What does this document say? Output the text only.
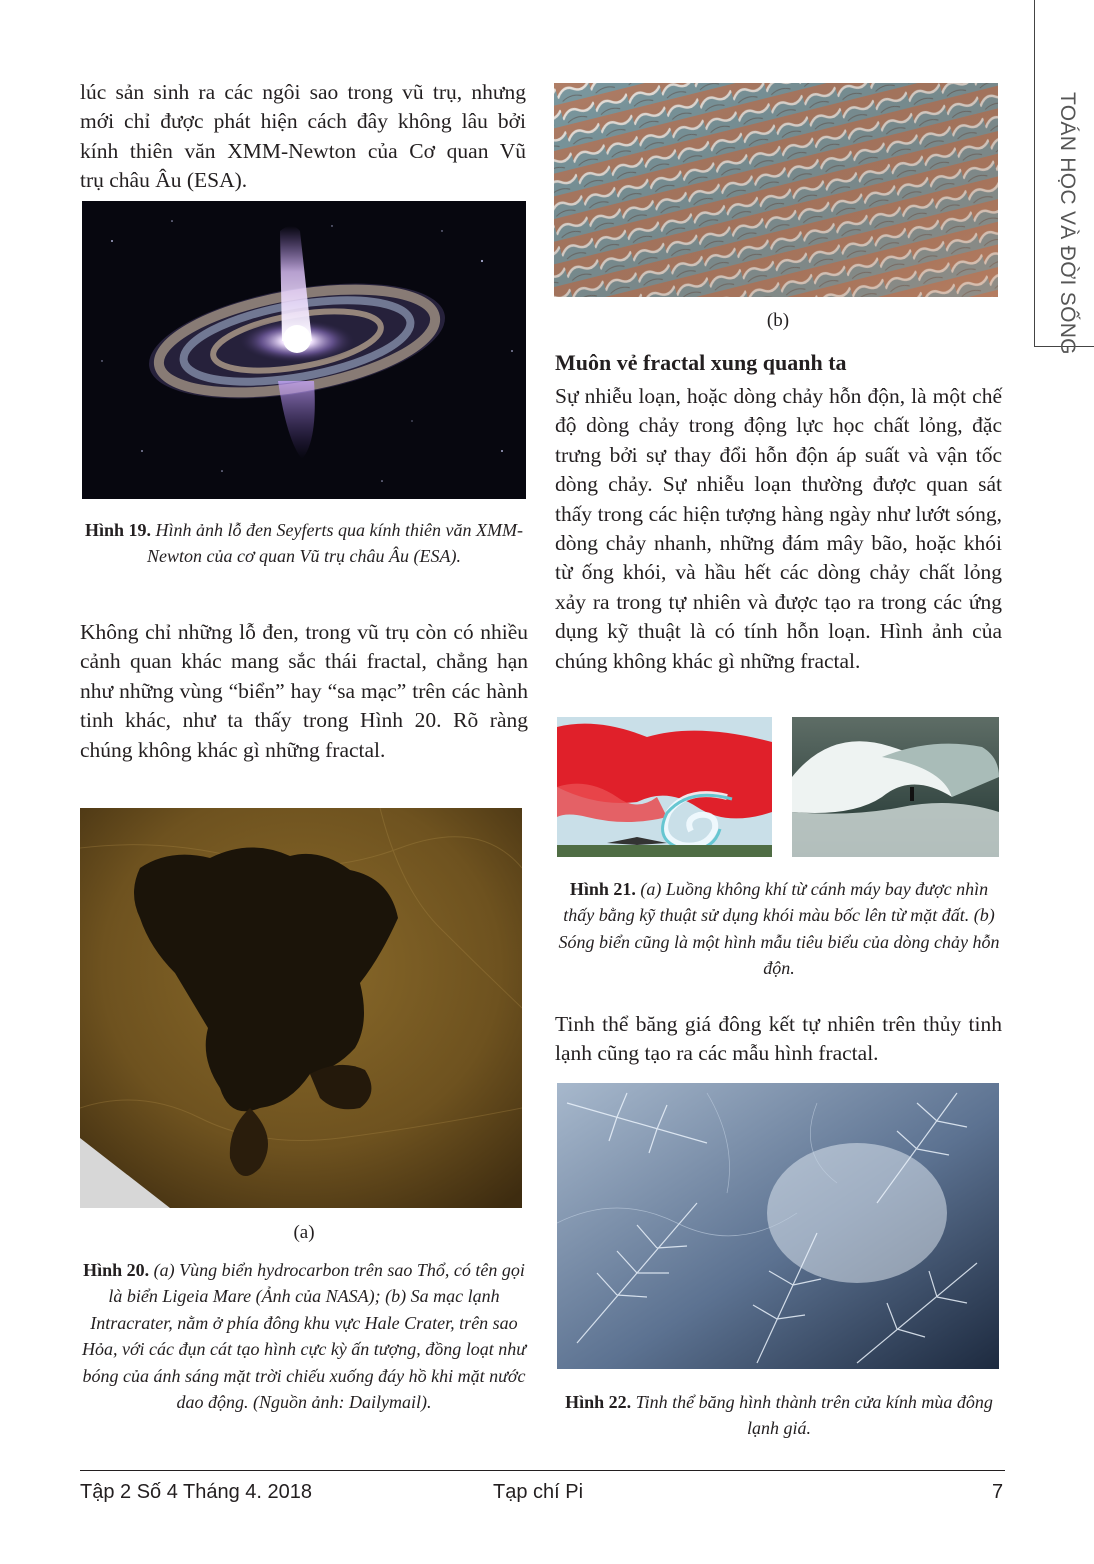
TOÁN HỌC VÀ ĐỜI SỐNG
lúc sản sinh ra các ngôi sao trong vũ trụ, nhưng
mới chỉ được phát hiện cách đây không lâu bởi
kính thiên văn XMM-Newton của Cơ quan Vũ
trụ châu Âu (ESA).
Hình 19. Hình ảnh lỗ đen Seyferts qua kính thiên văn XMM-Newton của cơ quan Vũ trụ châu Âu (ESA).
Không chỉ những lỗ đen, trong vũ trụ còn có nhiều cảnh quan khác mang sắc thái fractal, chẳng hạn như những vùng “biển” hay “sa mạc” trên các hành tinh khác, như ta thấy trong Hình 20. Rõ ràng chúng không khác gì những fractal.
(a)
Hình 20. (a) Vùng biển hydrocarbon trên sao Thổ, có tên gọi là biển Ligeia Mare (Ảnh của NASA); (b) Sa mạc lạnh Intracrater, nằm ở phía đông khu vực Hale Crater, trên sao Hỏa, với các đụn cát tạo hình cực kỳ ấn tượng, đồng loạt như bóng của ánh sáng mặt trời chiếu xuống đáy hồ khi mặt nước dao động. (Nguồn ảnh: Dailymail).
(b)
Muôn vẻ fractal xung quanh ta
Sự nhiễu loạn, hoặc dòng chảy hỗn độn, là một chế độ dòng chảy trong động lực học chất lỏng, đặc trưng bởi sự thay đổi hỗn độn áp suất và vận tốc dòng chảy. Sự nhiễu loạn thường được quan sát thấy trong các hiện tượng hàng ngày như lướt sóng, dòng chảy nhanh, những đám mây bão, hoặc khói từ ống khói, và hầu hết các dòng chảy chất lỏng xảy ra trong tự nhiên và được tạo ra trong các ứng dụng kỹ thuật là có tính hỗn loạn. Hình ảnh của chúng không khác gì những fractal.
Hình 21. (a) Luồng không khí từ cánh máy bay được nhìn thấy bằng kỹ thuật sử dụng khói màu bốc lên từ mặt đất. (b) Sóng biển cũng là một hình mẫu tiêu biểu của dòng chảy hỗn độn.
Tinh thể băng giá đông kết tự nhiên trên thủy tinh lạnh cũng tạo ra các mẫu hình fractal.
Hình 22. Tinh thể băng hình thành trên cửa kính mùa đông lạnh giá.
Tập 2 Số 4 Tháng 4. 2018	Tạp chí Pi	7
